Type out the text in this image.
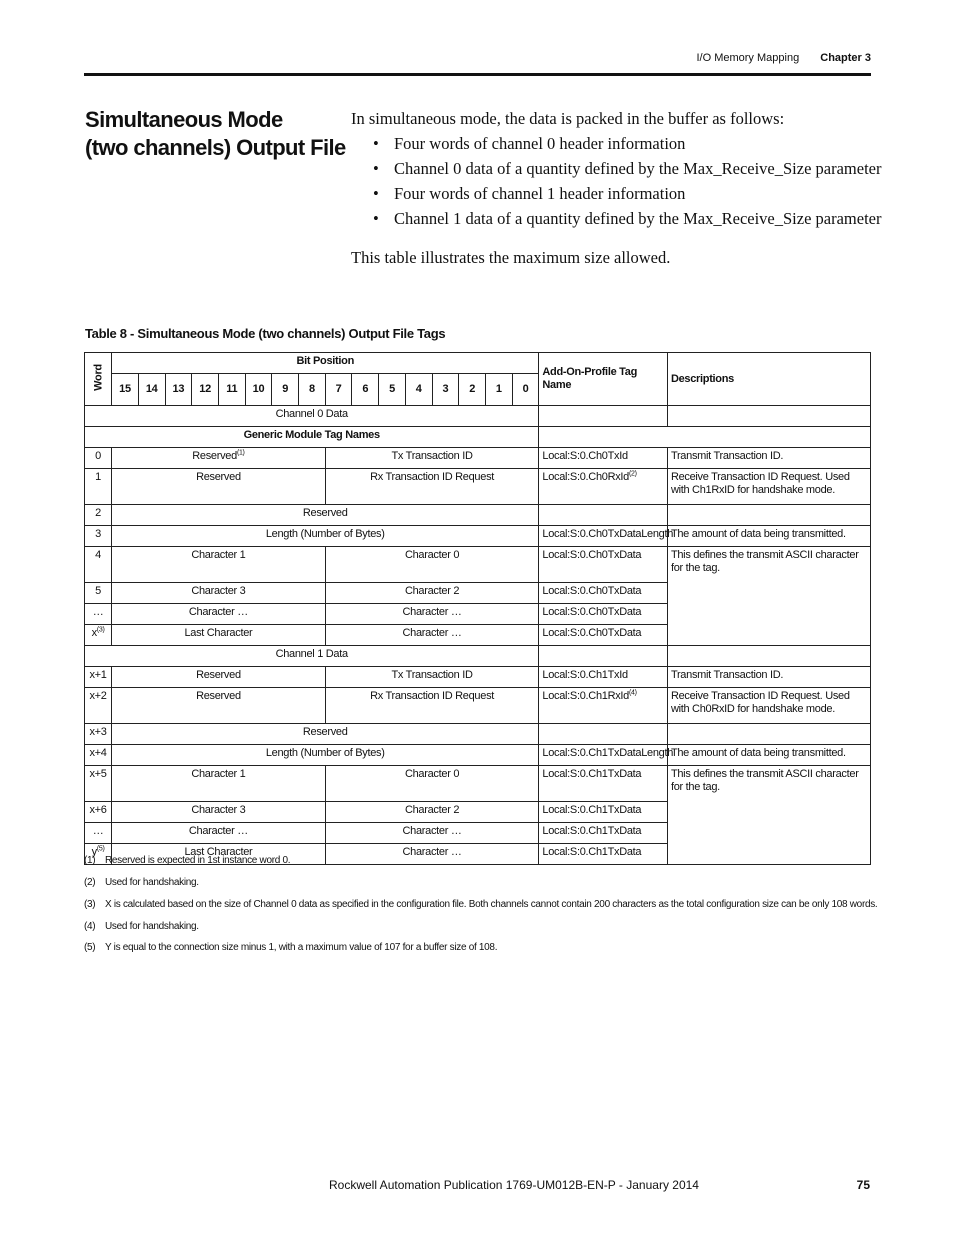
I/O Memory Mapping Chapter 3
Simultaneous Mode
(two channels) Output File

In simultaneous mode, the data is packed in the buffer as follows:

• Four words of channel 0 header information
• Channel 0 data of a quantity defined by the Max_Receive_Size parameter
• Four words of channel 1 header information
• Channel 1 data of a quantity defined by the Max_Receive_Size parameter

This table illustrates the maximum size allowed.

Table 8 - Simultaneous Mode (two channels) Output File Tags
Word	Bit Position																Add-On-Profile Tag Name	Descriptions
	15	14	13	12	11	10	9	8	7	6	5	4	3	2	1	0		
Channel 0 Data																		
Generic Module Tag Names																		
0	Reserved$^{(1)}$								Tx Transaction ID								Local:S:0.Ch0TxId	Transmit Transaction ID.
1	Reserved								Rx Transaction ID Request								Local:S:0.Ch0RxId$^{(2)}$	Receive Transaction ID Request. Used with Ch1RxID for handshake mode.
2	Reserved																	
3	Length (Number of Bytes)																Local:S:0.Ch0TxDataLength	The amount of data being transmitted.
4	Character 1								Character 0								Local:S:0.Ch0TxData	This defines the transmit ASCII character for the tag.
5	Character 3								Character 2								Local:S:0.Ch0TxData	
…	Character …								Character …								Local:S:0.Ch0TxData	
$x^{(3)}$	Last Character								Character …								Local:S:0.Ch0TxData	
Channel 1 Data																		
x+1	Reserved								Tx Transaction ID								Local:S:0.Ch1TxId	Transmit Transaction ID.
x+2	Reserved								Rx Transaction ID Request								Local:S:0.Ch1RxId$^{(4)}$	Receive Transaction ID Request. Used with Ch0RxID for handshake mode.
x+3	Reserved																	
x+4	Length (Number of Bytes)																Local:S:0.Ch1TxDataLength	The amount of data being transmitted.
x+5	Character 1								Character 0								Local:S:0.Ch1TxData	This defines the transmit ASCII character for the tag.
x+6	Character 3								Character 2								Local:S:0.Ch1TxData	
…	Character …								Character …								Local:S:0.Ch1TxData	
$y^{(5)}$	Last Character								Character …								Local:S:0.Ch1TxData	
(1) Reserved is expected in 1st instance word 0.
(2) Used for handshaking.
(3) X is calculated based on the size of Channel 0 data as specified in the configuration file. Both channels cannot contain 200 characters as the total configuration size can be only 108 words.
(4) Used for handshaking.
(5) Y is equal to the connection size minus 1, with a maximum value of 107 for a buffer size of 108.
Rockwell Automation Publication 1769-UM012B-EN-P - January 2014	75
